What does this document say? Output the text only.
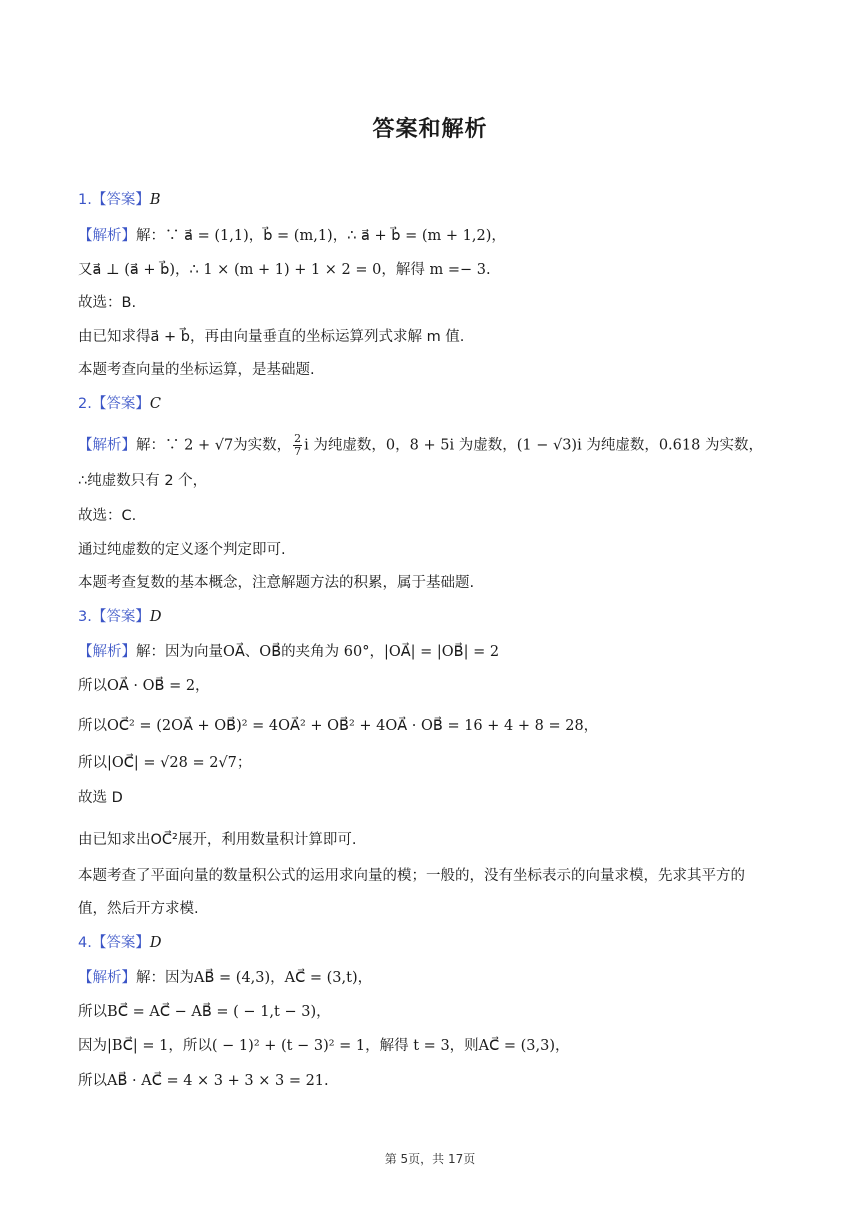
答案和解析
1.【答案】B
【解析】解：∵ a⃗ = (1,1)，b⃗ = (m,1)，∴ a⃗ + b⃗ = (m + 1,2)，
又a⃗ ⊥ (a⃗ + b⃗)，∴ 1 × (m + 1) + 1 × 2 = 0，解得 m =− 3.
故选：B.
由已知求得a⃗ + b⃗，再由向量垂直的坐标运算列式求解 m 值.
本题考查向量的坐标运算，是基础题.
2.【答案】C
【解析】解：∵ 2 + √7为实数， $\frac{2}{7}$ i 为纯虚数，0，8 + 5i 为虚数，(1 − √3)i 为纯虚数，0.618 为实数，
∴纯虚数只有 2 个，
故选：C.
通过纯虚数的定义逐个判定即可.
本题考查复数的基本概念，注意解题方法的积累，属于基础题.
3.【答案】D
【解析】解：因为向量OA⃗、OB⃗的夹角为 60°，|OA⃗| = |OB⃗| = 2
所以OA⃗ · OB⃗ = 2，
所以OC⃗² = (2OA⃗ + OB⃗)² = 4OA⃗² + OB⃗² + 4OA⃗ · OB⃗ = 16 + 4 + 8 = 28，
所以|OC⃗| = √28 = 2√7；
故选 D
由已知求出OC⃗²展开，利用数量积计算即可.
本题考查了平面向量的数量积公式的运用求向量的模；一般的，没有坐标表示的向量求模，先求其平方的
值，然后开方求模.
4.【答案】D
【解析】解：因为AB⃗ = (4,3)，AC⃗ = (3,t)，
所以BC⃗ = AC⃗ − AB⃗ = ( − 1,t − 3)，
因为|BC⃗| = 1，所以( − 1)² + (t − 3)² = 1，解得 t = 3，则AC⃗ = (3,3)，
所以AB⃗ · AC⃗ = 4 × 3 + 3 × 3 = 21.
第 5页，共 17页
